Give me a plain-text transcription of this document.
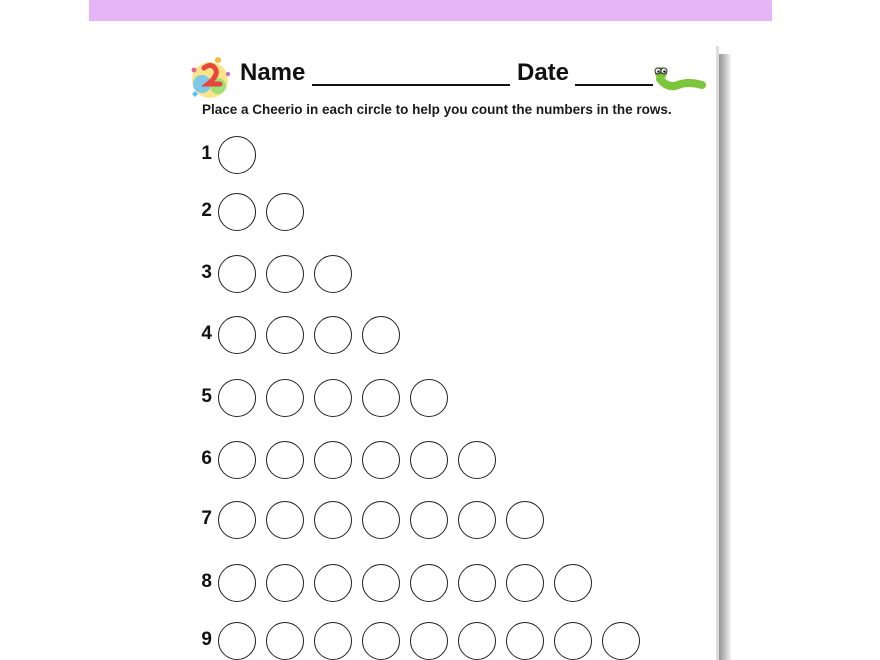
Name	Date
Place a Cheerio in each circle to help you count the numbers in the rows.
1
2
3
4
5
6
7
8
9
